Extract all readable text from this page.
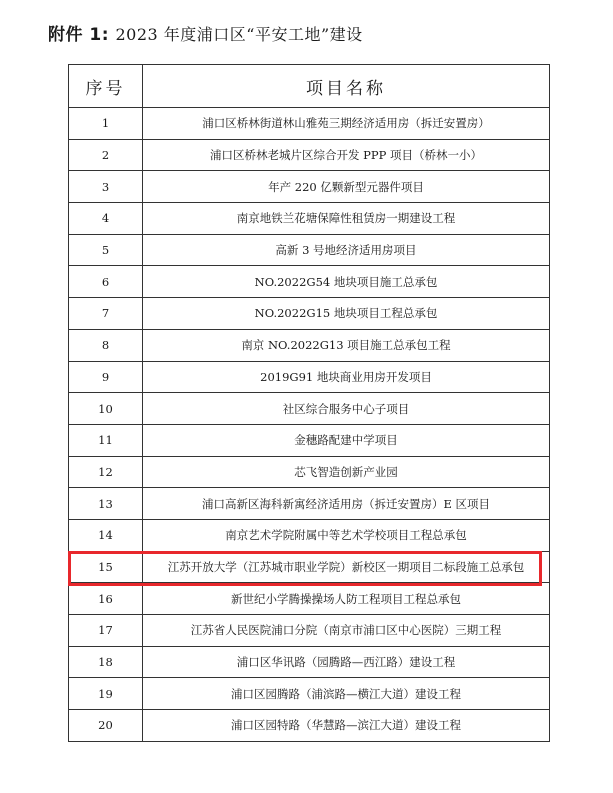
附件 1: 2023 年度浦口区“平安工地”建设
序号	项目名称
1	浦口区桥林街道林山雅苑三期经济适用房（拆迁安置房）
2	浦口区桥林老城片区综合开发 PPP 项目（桥林一小）
3	年产 220 亿颗新型元器件项目
4	南京地铁兰花塘保障性租赁房一期建设工程
5	高新 3 号地经济适用房项目
6	NO.2022G54 地块项目施工总承包
7	NO.2022G15 地块项目工程总承包
8	南京 NO.2022G13 项目施工总承包工程
9	2019G91 地块商业用房开发项目
10	社区综合服务中心子项目
11	金穗路配建中学项目
12	芯飞智造创新产业园
13	浦口高新区海科新寓经济适用房（拆迁安置房）E 区项目
14	南京艺术学院附属中等艺术学校项目工程总承包
15	江苏开放大学（江苏城市职业学院）新校区一期项目二标段施工总承包
16	新世纪小学腾操操场人防工程项目工程总承包
17	江苏省人民医院浦口分院（南京市浦口区中心医院）三期工程
18	浦口区华讯路（园腾路—西江路）建设工程
19	浦口区园腾路（浦滨路—横江大道）建设工程
20	浦口区园特路（华慧路—滨江大道）建设工程
